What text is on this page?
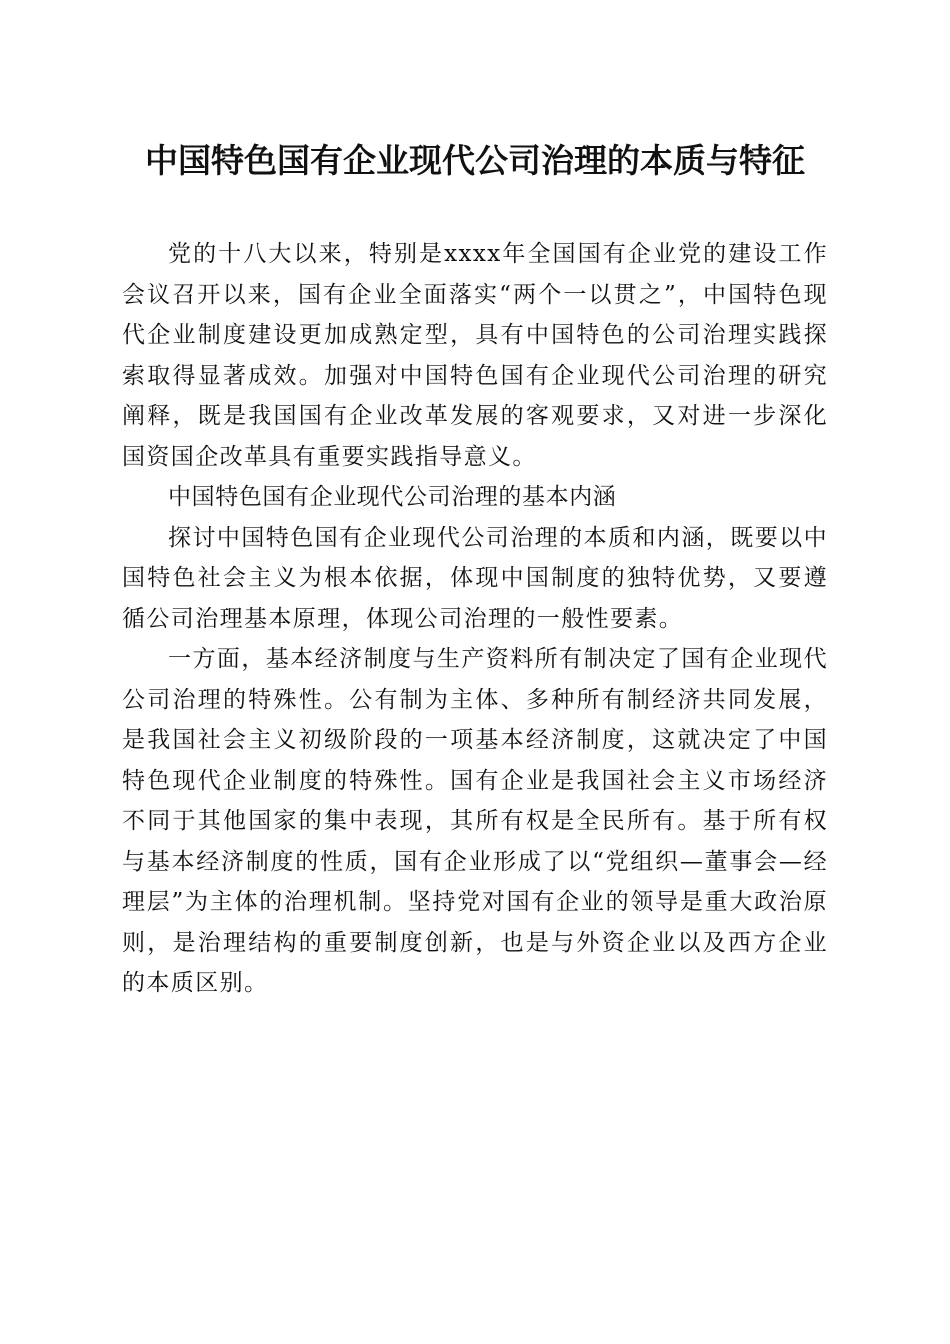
中国特色国有企业现代公司治理的本质与特征

党的十八大以来，特别是xxxx年全国国有企业党的建设工作会议召开以来，国有企业全面落实“两个一以贯之”，中国特色现代企业制度建设更加成熟定型，具有中国特色的公司治理实践探索取得显著成效。加强对中国特色国有企业现代公司治理的研究阐释，既是我国国有企业改革发展的客观要求，又对进一步深化国资国企改革具有重要实践指导意义。

中国特色国有企业现代公司治理的基本内涵

探讨中国特色国有企业现代公司治理的本质和内涵，既要以中国特色社会主义为根本依据，体现中国制度的独特优势，又要遵循公司治理基本原理，体现公司治理的一般性要素。

一方面，基本经济制度与生产资料所有制决定了国有企业现代公司治理的特殊性。公有制为主体、多种所有制经济共同发展，是我国社会主义初级阶段的一项基本经济制度，这就决定了中国特色现代企业制度的特殊性。国有企业是我国社会主义市场经济不同于其他国家的集中表现，其所有权是全民所有。基于所有权与基本经济制度的性质，国有企业形成了以“党组织—董事会—经理层”为主体的治理机制。坚持党对国有企业的领导是重大政治原则，是治理结构的重要制度创新，也是与外资企业以及西方企业的本质区别。
